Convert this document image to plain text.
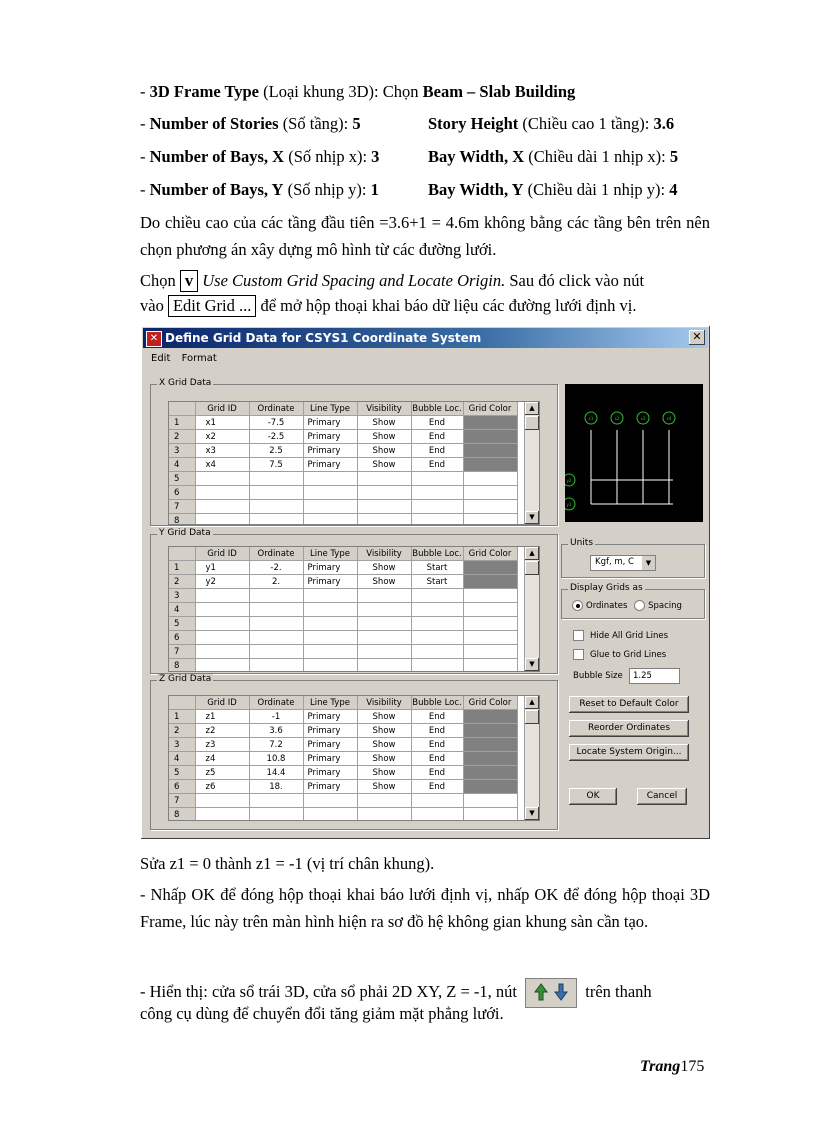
- 3D Frame Type (Loại khung 3D): Chọn Beam – Slab Building
- Number of Stories (Số tầng): 5	Story Height (Chiều cao 1 tầng): 3.6
- Number of Bays, X (Số nhịp x): 3	Bay Width, X (Chiều dài 1 nhịp x): 5
- Number of Bays, Y (Số nhịp y): 1	Bay Width, Y (Chiều dài 1 nhịp y): 4
Do chiều cao của các tầng đầu tiên =3.6+1 = 4.6m không bằng các tầng bên trên nên chọn phương án xây dựng mô hình từ các đường lưới.
Chọn v Use Custom Grid Spacing and Locate Origin. Sau đó click vào nút
vào Edit Grid ... để mở hộp thoại khai báo dữ liệu các đường lưới định vị.
✕ Define Grid Data for CSYS1 Coordinate System	✕
Edit Format
X Grid Data
	Grid ID	Ordinate	Line Type	Visibility	Bubble Loc.	Grid Color
1	x1	-7.5	Primary	Show	End	
2	x2	-2.5	Primary	Show	End	
3	x3	2.5	Primary	Show	End	
4	x4	7.5	Primary	Show	End	
5						
6						
7						
8						
▲
▼
Y Grid Data
	Grid ID	Ordinate	Line Type	Visibility	Bubble Loc.	Grid Color
1	y1	-2.	Primary	Show	Start	
2	y2	2.	Primary	Show	Start	
3						
4						
5						
6						
7						
8						
▲
▼
Z Grid Data
	Grid ID	Ordinate	Line Type	Visibility	Bubble Loc.	Grid Color
1	z1	-1	Primary	Show	End	
2	z2	3.6	Primary	Show	End	
3	z3	7.2	Primary	Show	End	
4	z4	10.8	Primary	Show	End	
5	z5	14.4	Primary	Show	End	
6	z6	18.	Primary	Show	End	
7						
8						
▲
▼
x1	x2	x3	x4
y2
y1
Units
Kgf, m, C	▼
Display Grids as
Ordinates Spacing
Hide All Grid Lines
Glue to Grid Lines
Bubble Size	1.25
Reset to Default Color
Reorder Ordinates
Locate System Origin...
OK	Cancel
Sửa z1 = 0 thành z1 = -1 (vị trí chân khung).
- Nhấp OK để đóng hộp thoại khai báo lưới định vị, nhấp OK để đóng hộp thoại 3D Frame, lúc này trên màn hình hiện ra sơ đồ hệ không gian khung sàn cần tạo.
- Hiển thị: cửa sổ trái 3D, cửa sổ phải 2D XY, Z = -1, nút	trên thanh
công cụ dùng để chuyển đổi tăng giảm mặt phẳng lưới.
Trang175
